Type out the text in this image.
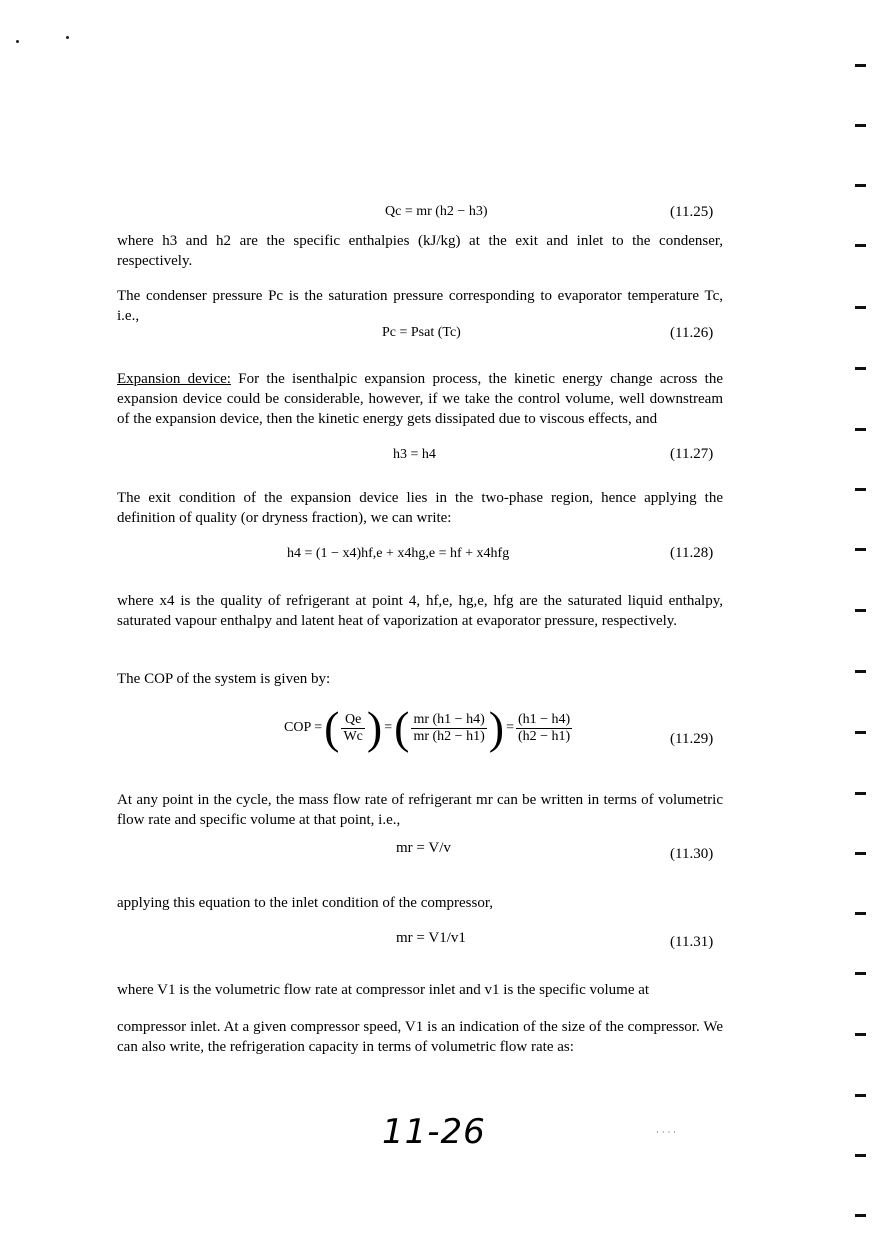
Qc = mr (h2 − h3)	(11.25)
where h3 and h2 are the specific enthalpies (kJ/kg) at the exit and inlet to the condenser, respectively.
The condenser pressure Pc is the saturation pressure corresponding to evaporator temperature Tc, i.e.,
Pc = Psat (Tc)	(11.26)
Expansion device: For the isenthalpic expansion process, the kinetic energy change across the expansion device could be considerable, however, if we take the control volume, well downstream of the expansion device, then the kinetic energy gets dissipated due to viscous effects, and
h3 = h4	(11.27)
The exit condition of the expansion device lies in the two-phase region, hence applying the definition of quality (or dryness fraction), we can write:
h4 = (1 − x4)hf,e + x4hg,e = hf + x4hfg	(11.28)
where x4 is the quality of refrigerant at point 4, hf,e, hg,e, hfg are the saturated liquid enthalpy, saturated vapour enthalpy and latent heat of vaporization at evaporator pressure, respectively.
The COP of the system is given by:
COP = ( $\frac{Qe}{Wc}$ ) = ( $\frac{mr (h1 - h4)}{mr (h2 - h1)}$ ) = $\frac{(h1 - h4)}{(h2 - h1)}$	(11.29)
At any point in the cycle, the mass flow rate of refrigerant mr can be written in terms of volumetric flow rate and specific volume at that point, i.e.,
mr = V/v	(11.30)
applying this equation to the inlet condition of the compressor,
mr = V1/v1	(11.31)
where V1 is the volumetric flow rate at compressor inlet and v1 is the specific volume at
compressor inlet. At a given compressor speed, V1 is an indication of the size of the compressor. We can also write, the refrigeration capacity in terms of volumetric flow rate as:
11-26	· · · ·
